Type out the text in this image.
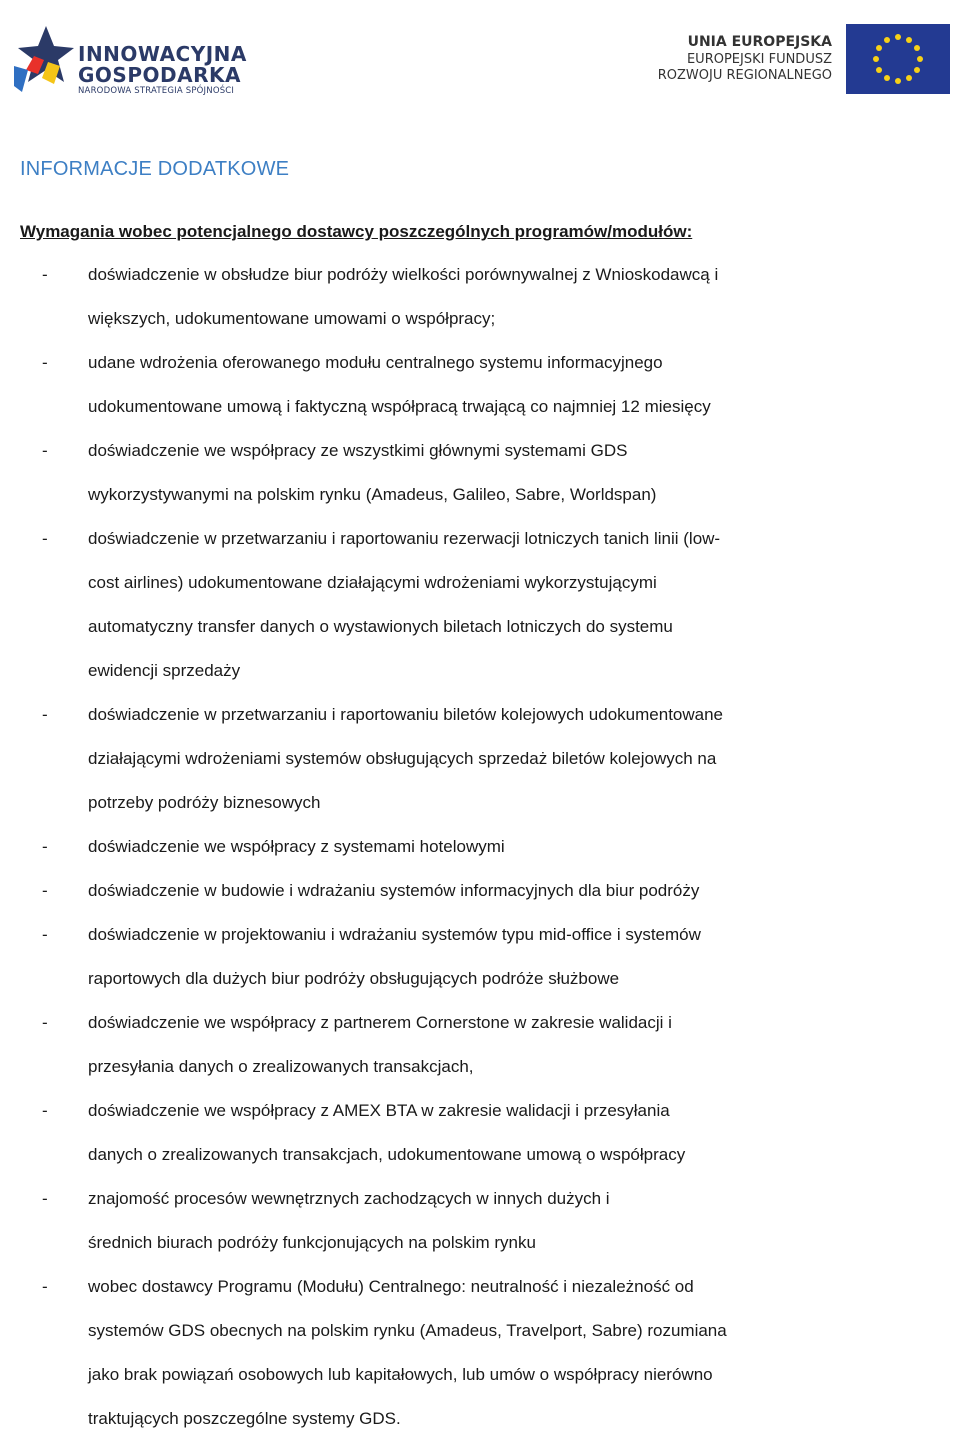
INNOWACYJNA
GOSPODARKA
NARODOWA STRATEGIA SPÓJNOŚCI
UNIA EUROPEJSKA
EUROPEJSKI FUNDUSZ
ROZWOJU REGIONALNEGO
INFORMACJE DODATKOWE
Wymagania wobec potencjalnego dostawcy poszczególnych programów/modułów:
- doświadczenie w obsłudze biur podróży wielkości porównywalnej z Wnioskodawcą i
większych, udokumentowane umowami o współpracy;
- udane wdrożenia oferowanego modułu centralnego systemu informacyjnego
udokumentowane umową i faktyczną współpracą trwającą co najmniej 12 miesięcy
- doświadczenie we współpracy ze wszystkimi głównymi systemami GDS
wykorzystywanymi na polskim rynku (Amadeus, Galileo, Sabre, Worldspan)
- doświadczenie w przetwarzaniu i raportowaniu rezerwacji lotniczych tanich linii (low-
cost airlines) udokumentowane działającymi wdrożeniami wykorzystującymi
automatyczny transfer danych o wystawionych biletach lotniczych do systemu
ewidencji sprzedaży
- doświadczenie w przetwarzaniu i raportowaniu biletów kolejowych udokumentowane
działającymi wdrożeniami systemów obsługujących sprzedaż biletów kolejowych na
potrzeby podróży biznesowych
- doświadczenie we współpracy z systemami hotelowymi
- doświadczenie w budowie i wdrażaniu systemów informacyjnych dla biur podróży
- doświadczenie w projektowaniu i wdrażaniu systemów typu mid-office i systemów
raportowych dla dużych biur podróży obsługujących podróże służbowe
- doświadczenie we współpracy z partnerem Cornerstone w zakresie walidacji i
przesyłania danych o zrealizowanych transakcjach,
- doświadczenie we współpracy z AMEX BTA w zakresie walidacji i przesyłania
danych o zrealizowanych transakcjach, udokumentowane umową o współpracy
- znajomość procesów wewnętrznych zachodzących w innych dużych i
średnich biurach podróży funkcjonujących na polskim rynku
- wobec dostawcy Programu (Modułu) Centralnego: neutralność i niezależność od
systemów GDS obecnych na polskim rynku (Amadeus, Travelport, Sabre) rozumiana
jako brak powiązań osobowych lub kapitałowych, lub umów o współpracy nierówno
traktujących poszczególne systemy GDS.
